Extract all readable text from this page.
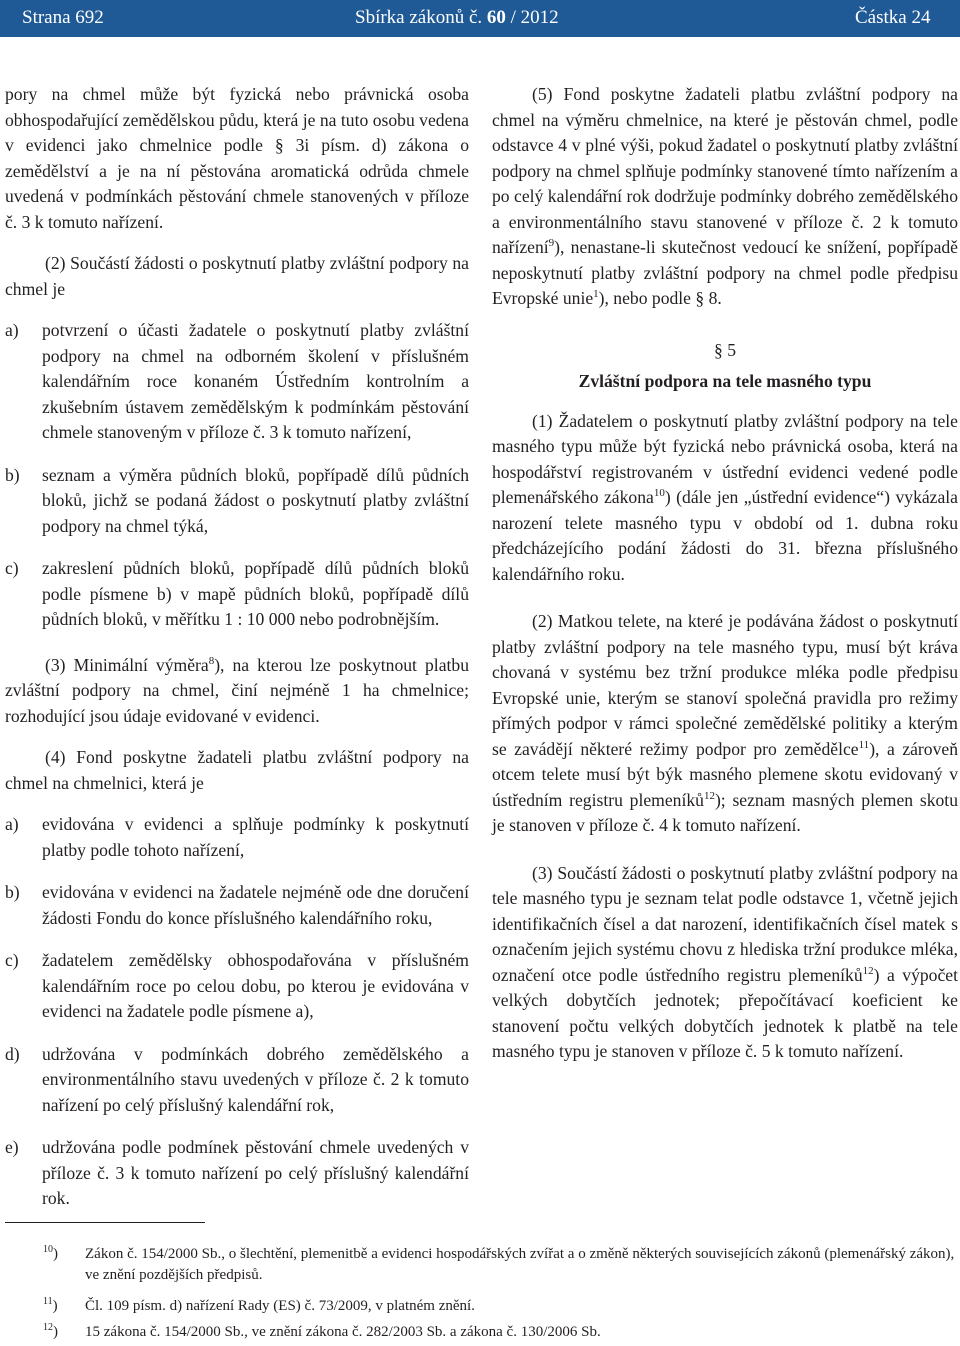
Strana 692	Sbírka zákonů č. 60 / 2012	Částka 24

pory na chmel může být fyzická nebo právnická osoba obhospodařující zemědělskou půdu, která je na tuto osobu vedena v evidenci jako chmelnice podle § 3i písm. d) zákona o zemědělství a je na ní pěstována aromatická odrůda chmele uvedená v podmínkách pěstování chmele stanovených v příloze č. 3 k tomuto nařízení.

(2) Součástí žádosti o poskytnutí platby zvláštní podpory na chmel je

a) potvrzení o účasti žadatele o poskytnutí platby zvláštní podpory na chmel na odborném školení v příslušném kalendářním roce konaném Ústředním kontrolním a zkušebním ústavem zemědělským k podmínkám pěstování chmele stanoveným v příloze č. 3 k tomuto nařízení,
b) seznam a výměra půdních bloků, popřípadě dílů půdních bloků, jichž se podaná žádost o poskytnutí platby zvláštní podpory na chmel týká,
c) zakreslení půdních bloků, popřípadě dílů půdních bloků podle písmene b) v mapě půdních bloků, popřípadě dílů půdních bloků, v měřítku 1 : 10 000 nebo podrobnějším.

(3) Minimální výměra$^8$), na kterou lze poskytnout platbu zvláštní podpory na chmel, činí nejméně 1 ha chmelnice; rozhodující jsou údaje evidované v evidenci.

(4) Fond poskytne žadateli platbu zvláštní podpory na chmel na chmelnici, která je

a) evidována v evidenci a splňuje podmínky k poskytnutí platby podle tohoto nařízení,
b) evidována v evidenci na žadatele nejméně ode dne doručení žádosti Fondu do konce příslušného kalendářního roku,
c) žadatelem zemědělsky obhospodařována v příslušném kalendářním roce po celou dobu, po kterou je evidována v evidenci na žadatele podle písmene a),
d) udržována v podmínkách dobrého zemědělského a environmentálního stavu uvedených v příloze č. 2 k tomuto nařízení po celý příslušný kalendářní rok,
e) udržována podle podmínek pěstování chmele uvedených v příloze č. 3 k tomuto nařízení po celý příslušný kalendářní rok.

(5) Fond poskytne žadateli platbu zvláštní podpory na chmel na výměru chmelnice, na které je pěstován chmel, podle odstavce 4 v plné výši, pokud žadatel o poskytnutí platby zvláštní podpory na chmel splňuje podmínky stanovené tímto nařízením a po celý kalendářní rok dodržuje podmínky dobrého zemědělského a environmentálního stavu stanovené v příloze č. 2 k tomuto nařízení$^9$), nenastane-li skutečnost vedoucí ke snížení, popřípadě neposkytnutí platby zvláštní podpory na chmel podle předpisu Evropské unie$^1$), nebo podle § 8.

§ 5

Zvláštní podpora na tele masného typu

(1) Žadatelem o poskytnutí platby zvláštní podpory na tele masného typu může být fyzická nebo právnická osoba, která na hospodářství registrovaném v ústřední evidenci vedené podle plemenářského zákona$^{10}$) (dále jen „ústřední evidence“) vykázala narození telete masného typu v období od 1. dubna roku předcházejícího podání žádosti do 31. března příslušného kalendářního roku.

(2) Matkou telete, na které je podávána žádost o poskytnutí platby zvláštní podpory na tele masného typu, musí být kráva chovaná v systému bez tržní produkce mléka podle předpisu Evropské unie, kterým se stanoví společná pravidla pro režimy přímých podpor v rámci společné zemědělské politiky a kterým se zavádějí některé režimy podpor pro zemědělce$^{11}$), a zároveň otcem telete musí být býk masného plemene skotu evidovaný v ústředním registru plemeníků$^{12}$); seznam masných plemen skotu je stanoven v příloze č. 4 k tomuto nařízení.

(3) Součástí žádosti o poskytnutí platby zvláštní podpory na tele masného typu je seznam telat podle odstavce 1, včetně jejich identifikačních čísel a dat narození, identifikačních čísel matek s označením jejich systému chovu z hlediska tržní produkce mléka, označení otce podle ústředního registru plemeníků$^{12}$) a výpočet velkých dobytčích jednotek; přepočítávací koeficient ke stanovení počtu velkých dobytčích jednotek k platbě na tele masného typu je stanoven v příloze č. 5 k tomuto nařízení.

$^{10}$) Zákon č. 154/2000 Sb., o šlechtění, plemenitbě a evidenci hospodářských zvířat a o změně některých souvisejících zákonů (plemenářský zákon), ve znění pozdějších předpisů.
$^{11}$) Čl. 109 písm. d) nařízení Rady (ES) č. 73/2009, v platném znění.
$^{12}$) 15 zákona č. 154/2000 Sb., ve znění zákona č. 282/2003 Sb. a zákona č. 130/2006 Sb.
